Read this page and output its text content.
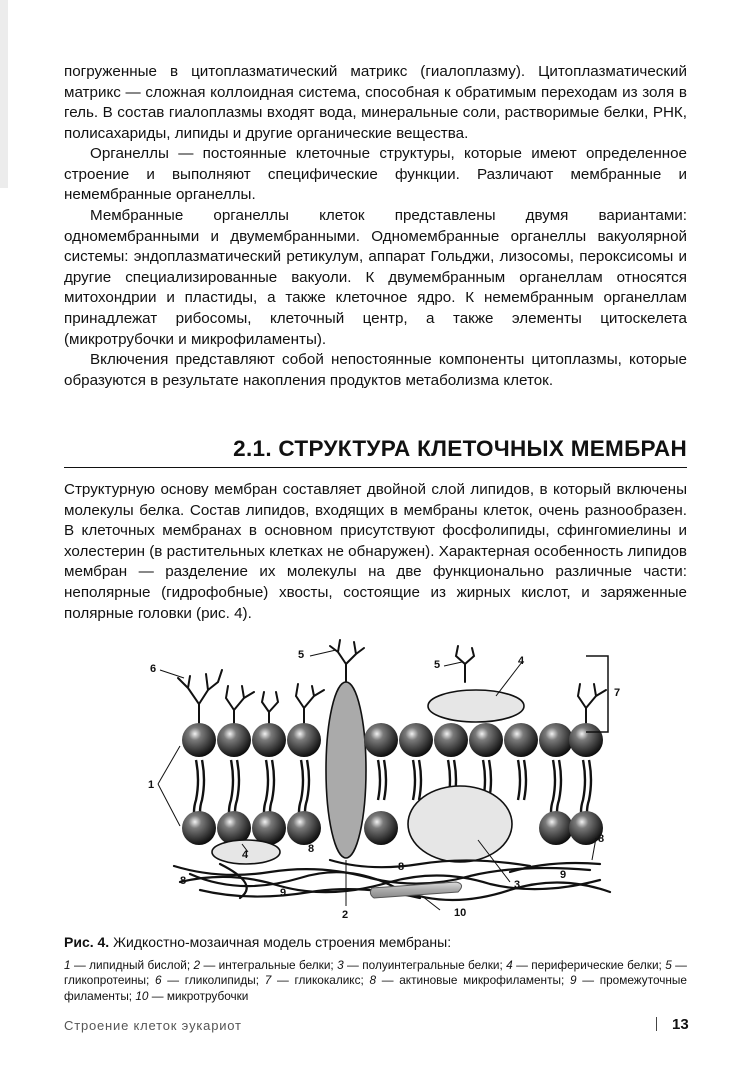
погруженные в цитоплазматический матрикс (гиалоплазму). Цитоплазматический матрикс — сложная коллоидная система, способная к обратимым переходам из золя в гель. В состав гиалоплазмы входят вода, минеральные соли, растворимые белки, РНК, полисахариды, липиды и другие органические вещества.

Органеллы — постоянные клеточные структуры, которые имеют определенное строение и выполняют специфические функции. Различают мембранные и немембранные органеллы.

Мембранные органеллы клеток представлены двумя вариантами: одномембранными и двумембранными. Одномембранные органеллы вакуолярной системы: эндоплазматический ретикулум, аппарат Гольджи, лизосомы, пероксисомы и другие специализированные вакуоли. К двумембранным органеллам относятся митохондрии и пластиды, а также клеточное ядро. К немембранным органеллам принадлежат рибосомы, клеточный центр, а также элементы цитоскелета (микротрубочки и микрофиламенты).

Включения представляют собой непостоянные компоненты цитоплазмы, которые образуются в результате накопления продуктов метаболизма клеток.

2.1. СТРУКТУРА КЛЕТОЧНЫХ МЕМБРАН

Структурную основу мембран составляет двойной слой липидов, в который включены молекулы белка. Состав липидов, входящих в мембраны клеток, очень разнообразен. В клеточных мембранах в основном присутствуют фосфолипиды, сфингомиелины и холестерин (в растительных клетках не обнаружен). Характерная особенность липидов мембран — разделение их молекулы на две функционально различные части: неполярные (гидрофобные) хвосты, состоящие из жирных кислот, и заряженные полярные головки (рис. 4).

1
2
3
4
4
5
5
6
7
8
8
8
8
9
9
10

Рис. 4. Жидкостно-мозаичная модель строения мембраны:

1 — липидный бислой; 2 — интегральные белки; 3 — полуинтегральные белки; 4 — периферические белки; 5 — гликопротеины; 6 — гликолипиды; 7 — гликокаликс; 8 — актиновые микрофиламенты; 9 — промежуточные филаменты; 10 — микротрубочки

Строение клеток эукариот	13
